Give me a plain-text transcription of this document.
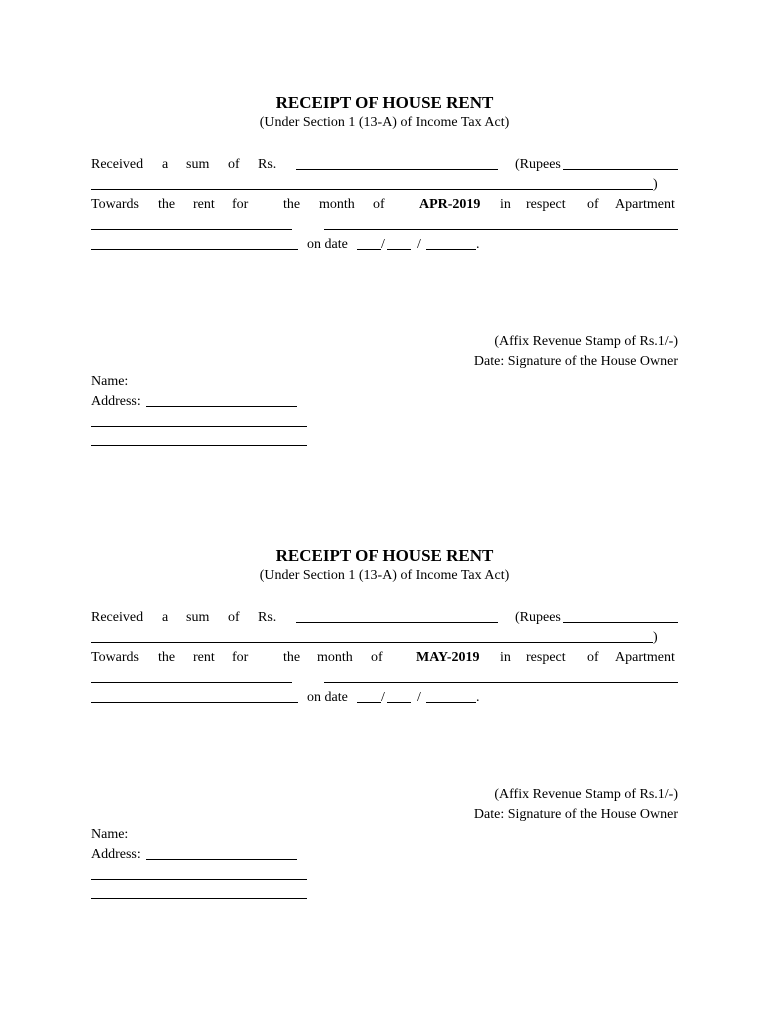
RECEIPT OF HOUSE RENT
(Under Section 1 (13-A) of Income Tax Act)
Received a sum of Rs.	(Rupees
)
Towards the rent for the month of APR-2019 in respect of Apartment
on date / /	.
(Affix Revenue Stamp of Rs.1/-)
Date: Signature of the House Owner
Name:
Address:
RECEIPT OF HOUSE RENT
(Under Section 1 (13-A) of Income Tax Act)
Received a sum of Rs.	(Rupees
)
Towards the rent for the month of MAY-2019 in respect of Apartment
on date / /	.
(Affix Revenue Stamp of Rs.1/-)
Date: Signature of the House Owner
Name:
Address:
